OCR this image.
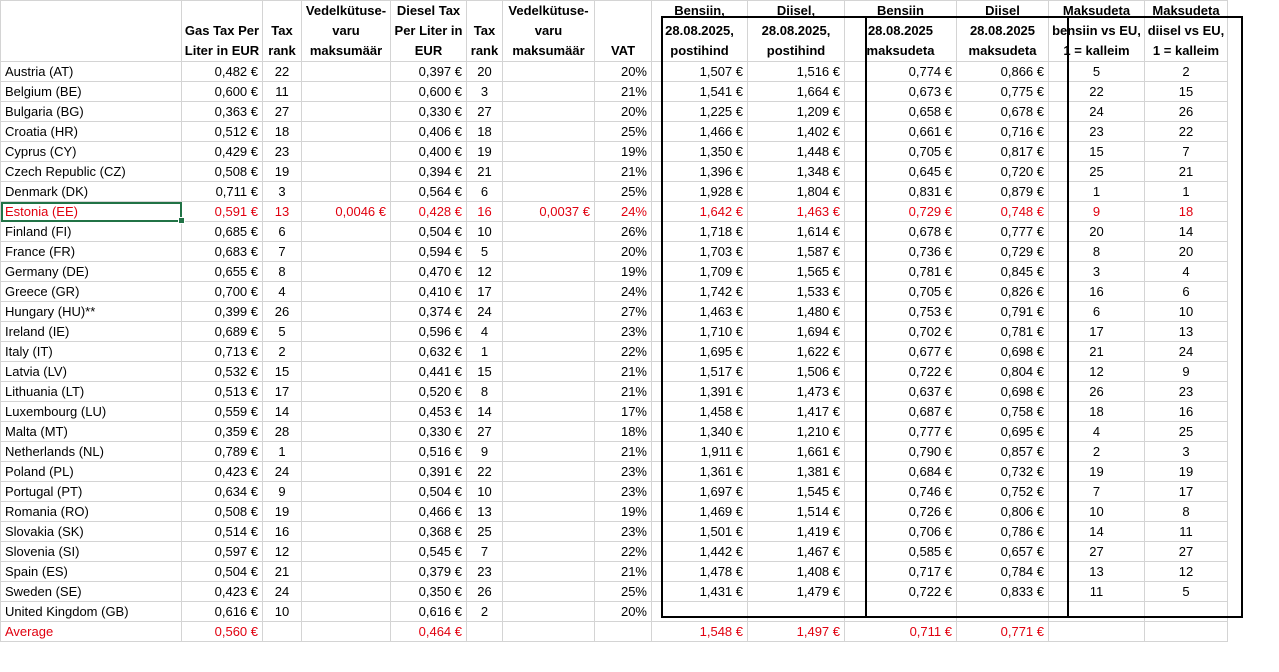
	Gas Tax Per Liter in EUR	Tax rank	Vedelkütuse-varu maksumäär	Diesel Tax Per Liter in EUR	Tax rank	Vedelkütuse-varu maksumäär	VAT	Bensiin, 28.08.2025, postihind	Diisel, 28.08.2025, postihind	Bensiin 28.08.2025 maksudeta	Diisel 28.08.2025 maksudeta	Maksudeta bensiin vs EU, 1 = kalleim	Maksudeta diisel vs EU, 1 = kalleim
Austria (AT)	0,482 €	22		0,397 €	20		20%	1,507 €	1,516 €	0,774 €	0,866 €	5	2
Belgium (BE)	0,600 €	11		0,600 €	3		21%	1,541 €	1,664 €	0,673 €	0,775 €	22	15
Bulgaria (BG)	0,363 €	27		0,330 €	27		20%	1,225 €	1,209 €	0,658 €	0,678 €	24	26
Croatia (HR)	0,512 €	18		0,406 €	18		25%	1,466 €	1,402 €	0,661 €	0,716 €	23	22
Cyprus (CY)	0,429 €	23		0,400 €	19		19%	1,350 €	1,448 €	0,705 €	0,817 €	15	7
Czech Republic (CZ)	0,508 €	19		0,394 €	21		21%	1,396 €	1,348 €	0,645 €	0,720 €	25	21
Denmark (DK)	0,711 €	3		0,564 €	6		25%	1,928 €	1,804 €	0,831 €	0,879 €	1	1
Estonia (EE)	0,591 €	13	0,0046 €	0,428 €	16	0,0037 €	24%	1,642 €	1,463 €	0,729 €	0,748 €	9	18
Finland (FI)	0,685 €	6		0,504 €	10		26%	1,718 €	1,614 €	0,678 €	0,777 €	20	14
France (FR)	0,683 €	7		0,594 €	5		20%	1,703 €	1,587 €	0,736 €	0,729 €	8	20
Germany (DE)	0,655 €	8		0,470 €	12		19%	1,709 €	1,565 €	0,781 €	0,845 €	3	4
Greece (GR)	0,700 €	4		0,410 €	17		24%	1,742 €	1,533 €	0,705 €	0,826 €	16	6
Hungary (HU)**	0,399 €	26		0,374 €	24		27%	1,463 €	1,480 €	0,753 €	0,791 €	6	10
Ireland (IE)	0,689 €	5		0,596 €	4		23%	1,710 €	1,694 €	0,702 €	0,781 €	17	13
Italy (IT)	0,713 €	2		0,632 €	1		22%	1,695 €	1,622 €	0,677 €	0,698 €	21	24
Latvia (LV)	0,532 €	15		0,441 €	15		21%	1,517 €	1,506 €	0,722 €	0,804 €	12	9
Lithuania (LT)	0,513 €	17		0,520 €	8		21%	1,391 €	1,473 €	0,637 €	0,698 €	26	23
Luxembourg (LU)	0,559 €	14		0,453 €	14		17%	1,458 €	1,417 €	0,687 €	0,758 €	18	16
Malta (MT)	0,359 €	28		0,330 €	27		18%	1,340 €	1,210 €	0,777 €	0,695 €	4	25
Netherlands (NL)	0,789 €	1		0,516 €	9		21%	1,911 €	1,661 €	0,790 €	0,857 €	2	3
Poland (PL)	0,423 €	24		0,391 €	22		23%	1,361 €	1,381 €	0,684 €	0,732 €	19	19
Portugal (PT)	0,634 €	9		0,504 €	10		23%	1,697 €	1,545 €	0,746 €	0,752 €	7	17
Romania (RO)	0,508 €	19		0,466 €	13		19%	1,469 €	1,514 €	0,726 €	0,806 €	10	8
Slovakia (SK)	0,514 €	16		0,368 €	25		23%	1,501 €	1,419 €	0,706 €	0,786 €	14	11
Slovenia (SI)	0,597 €	12		0,545 €	7		22%	1,442 €	1,467 €	0,585 €	0,657 €	27	27
Spain (ES)	0,504 €	21		0,379 €	23		21%	1,478 €	1,408 €	0,717 €	0,784 €	13	12
Sweden (SE)	0,423 €	24		0,350 €	26		25%	1,431 €	1,479 €	0,722 €	0,833 €	11	5
United Kingdom (GB)	0,616 €	10		0,616 €	2		20%						
Average	0,560 €			0,464 €				1,548 €	1,497 €	0,711 €	0,771 €		
